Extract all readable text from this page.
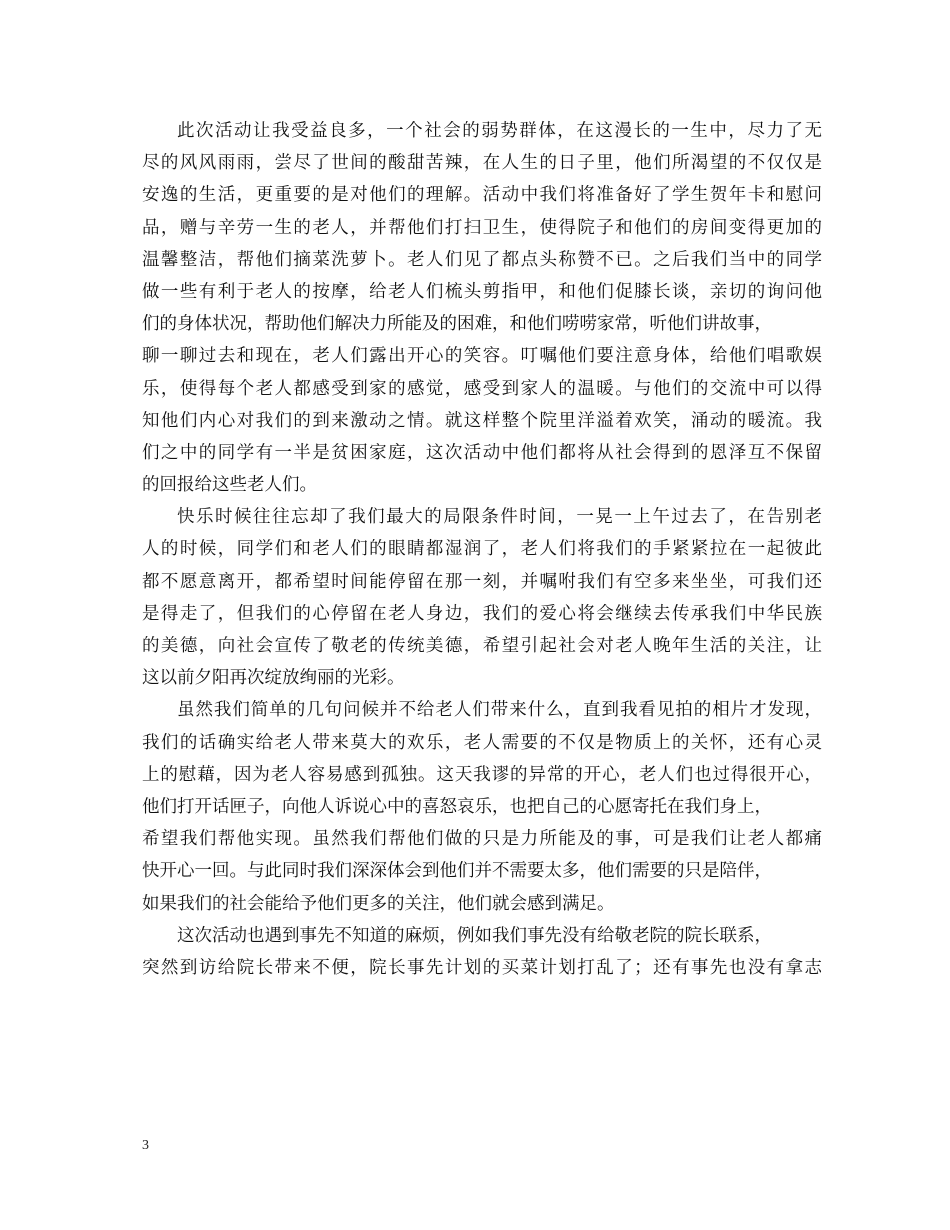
此次活动让我受益良多，一个社会的弱势群体，在这漫长的一生中，尽力了无
尽的风风雨雨，尝尽了世间的酸甜苦辣，在人生的日子里，他们所渴望的不仅仅是
安逸的生活，更重要的是对他们的理解。活动中我们将准备好了学生贺年卡和慰问
品，赠与辛劳一生的老人，并帮他们打扫卫生，使得院子和他们的房间变得更加的
温馨整洁，帮他们摘菜洗萝卜。老人们见了都点头称赞不已。之后我们当中的同学
做一些有利于老人的按摩，给老人们梳头剪指甲，和他们促膝长谈，亲切的询问他
们的身体状况，帮助他们解决力所能及的困难，和他们唠唠家常，听他们讲故事，
聊一聊过去和现在，老人们露出开心的笑容。叮嘱他们要注意身体，给他们唱歌娱
乐，使得每个老人都感受到家的感觉，感受到家人的温暖。与他们的交流中可以得
知他们内心对我们的到来激动之情。就这样整个院里洋溢着欢笑，涌动的暖流。我
们之中的同学有一半是贫困家庭，这次活动中他们都将从社会得到的恩泽互不保留
的回报给这些老人们。
快乐时候往往忘却了我们最大的局限条件时间，一晃一上午过去了，在告别老
人的时候，同学们和老人们的眼睛都湿润了，老人们将我们的手紧紧拉在一起彼此
都不愿意离开，都希望时间能停留在那一刻，并嘱咐我们有空多来坐坐，可我们还
是得走了，但我们的心停留在老人身边，我们的爱心将会继续去传承我们中华民族
的美德，向社会宣传了敬老的传统美德，希望引起社会对老人晚年生活的关注，让
这以前夕阳再次绽放绚丽的光彩。
虽然我们简单的几句问候并不给老人们带来什么，直到我看见拍的相片才发现，
我们的话确实给老人带来莫大的欢乐，老人需要的不仅是物质上的关怀，还有心灵
上的慰藉，因为老人容易感到孤独。这天我谬的异常的开心，老人们也过得很开心，
他们打开话匣子，向他人诉说心中的喜怒哀乐，也把自己的心愿寄托在我们身上，
希望我们帮他实现。虽然我们帮他们做的只是力所能及的事，可是我们让老人都痛
快开心一回。与此同时我们深深体会到他们并不需要太多，他们需要的只是陪伴，
如果我们的社会能给予他们更多的关注，他们就会感到满足。
这次活动也遇到事先不知道的麻烦，例如我们事先没有给敬老院的院长联系，
突然到访给院长带来不便，院长事先计划的买菜计划打乱了；还有事先也没有拿志
3
